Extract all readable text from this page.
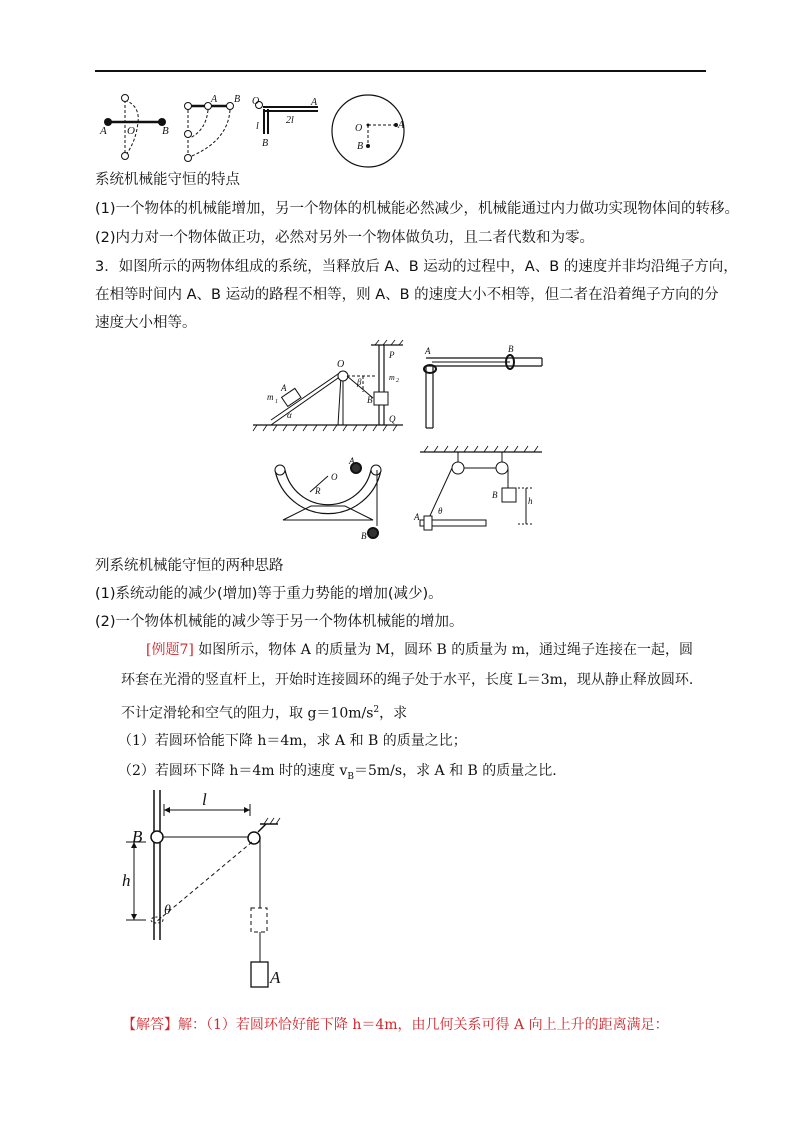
A O B
A B O	A
2l
l
B
O	A
B
系统机械能守恒的特点
(1)一个物体的机械能增加，另一个物体的机械能必然减少，机械能通过内力做功实现物体间的转移。
(2)内力对一个物体做正功，必然对另外一个物体做负功，且二者代数和为零。
3．如图所示的两物体组成的系统，当释放后 A、B 运动的过程中，A、B 的速度并非均沿绳子方向，
在相等时间内 A、B 运动的路程不相等，则 A、B 的速度大小不相等，但二者在沿着绳子方向的分
速度大小相等。
O
A
m 1
α
β
P
m 2
B
Q
A	B
O
R
A
B
A
θ
B
h
列系统机械能守恒的两种思路
(1)系统动能的减少(增加)等于重力势能的增加(减少)。
(2)一个物体机械能的减少等于另一个物体机械能的增加。
[例题7] 如图所示，物体 A 的质量为 M，圆环 B 的质量为 m，通过绳子连接在一起，圆
环套在光滑的竖直杆上，开始时连接圆环的绳子处于水平，长度 L＝3m，现从静止释放圆环.
不计定滑轮和空气的阻力，取 $g=10m/s^2$，求
（1）若圆环恰能下降 h＝4m，求 A 和 B 的质量之比；
（2）若圆环下降 h＝4m 时的速度 $v_B=5m/s$，求 A 和 B 的质量之比.
l
B
h
θ
A
【解答】解：（1）若圆环恰好能下降 h＝4m，由几何关系可得 A 向上上升的距离满足：
